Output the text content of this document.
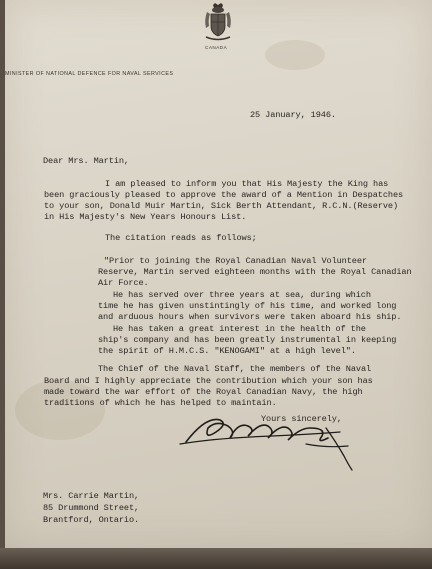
CANADA
MINISTER OF NATIONAL DEFENCE FOR NAVAL SERVICES

25 January, 1946.

Dear Mrs. Martin,

I am pleased to inform you that His Majesty the King has

been graciously pleased to approve the award of a Mention in Despatches

to your son, Donald Muir Martin, Sick Berth Attendant, R.C.N.(Reserve)

in His Majesty's New Years Honours List.

The citation reads as follows;

"Prior to joining the Royal Canadian Naval Volunteer

Reserve, Martin served eighteen months with the Royal Canadian

Air Force.

He has served over three years at sea, during which

time he has given unstintingly of his time, and worked long

and arduous hours when survivors were taken aboard his ship.

He has taken a great interest in the health of the

ship's company and has been greatly instrumental in keeping

the spirit of H.M.C.S. "KENOGAMI" at a high level".

The Chief of the Naval Staff, the members of the Naval

Board and I highly appreciate the contribution which your son has

made toward the war effort of the Royal Canadian Navy, the high

traditions of which he has helped to maintain.

Yours sincerely,

Mrs. Carrie Martin,

85 Drummond Street,

Brantford, Ontario.
